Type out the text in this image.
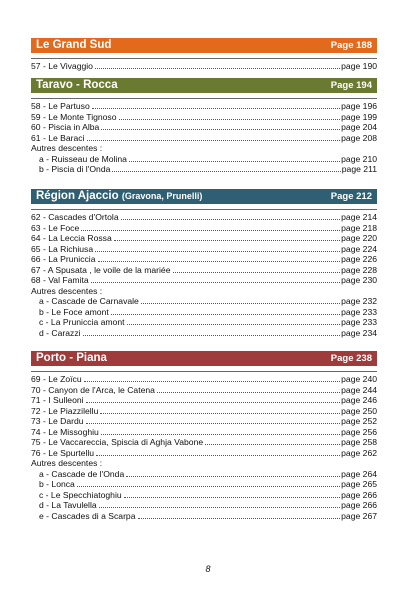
Le Grand Sud	Page 188
57 - Le Vivaggio	page 190
Taravo - Rocca	Page 194
58 - Le Partuso	page 196
59 - Le Monte Tignoso	page 199
60 - Piscia in Alba	page 204
61 - Le Baraci	page 208
Autres descentes :
a - Ruisseau de Molina	page 210
b - Piscia di l'Onda	page 211
Région Ajaccio (Gravona, Prunelli)	Page 212
62 - Cascades d'Ortola	page 214
63 - Le Foce	page 218
64 - La Leccia Rossa	page 220
65 - La Richiusa	page 224
66 - La Pruniccia	page 226
67 - A Spusata , le voile de la mariée	page 228
68 - Val Famita	page 230
Autres descentes :
a - Cascade de Carnavale	page 232
b - Le Foce amont	page 233
c - La Pruniccia amont	page 233
d - Carazzi	page 234
Porto - Piana	Page 238
69 - Le Zoïcu	page 240
70 - Canyon de l'Arca, le Catena	page 244
71 - I Sulleoni	page 246
72 - Le Piazzilellu	page 250
73 - Le Dardu	page 252
74 - Le Missoghiu	page 256
75 - Le Vaccareccia, Spiscia di Aghja Vabone	page 258
76 - Le Spurtellu	page 262
Autres descentes :
a - Cascade de l'Onda	page 264
b - Lonca	page 265
c - Le Specchiatoghiu	page 266
d - La Tavulella	page 266
e - Cascades di a Scarpa	page 267
8
